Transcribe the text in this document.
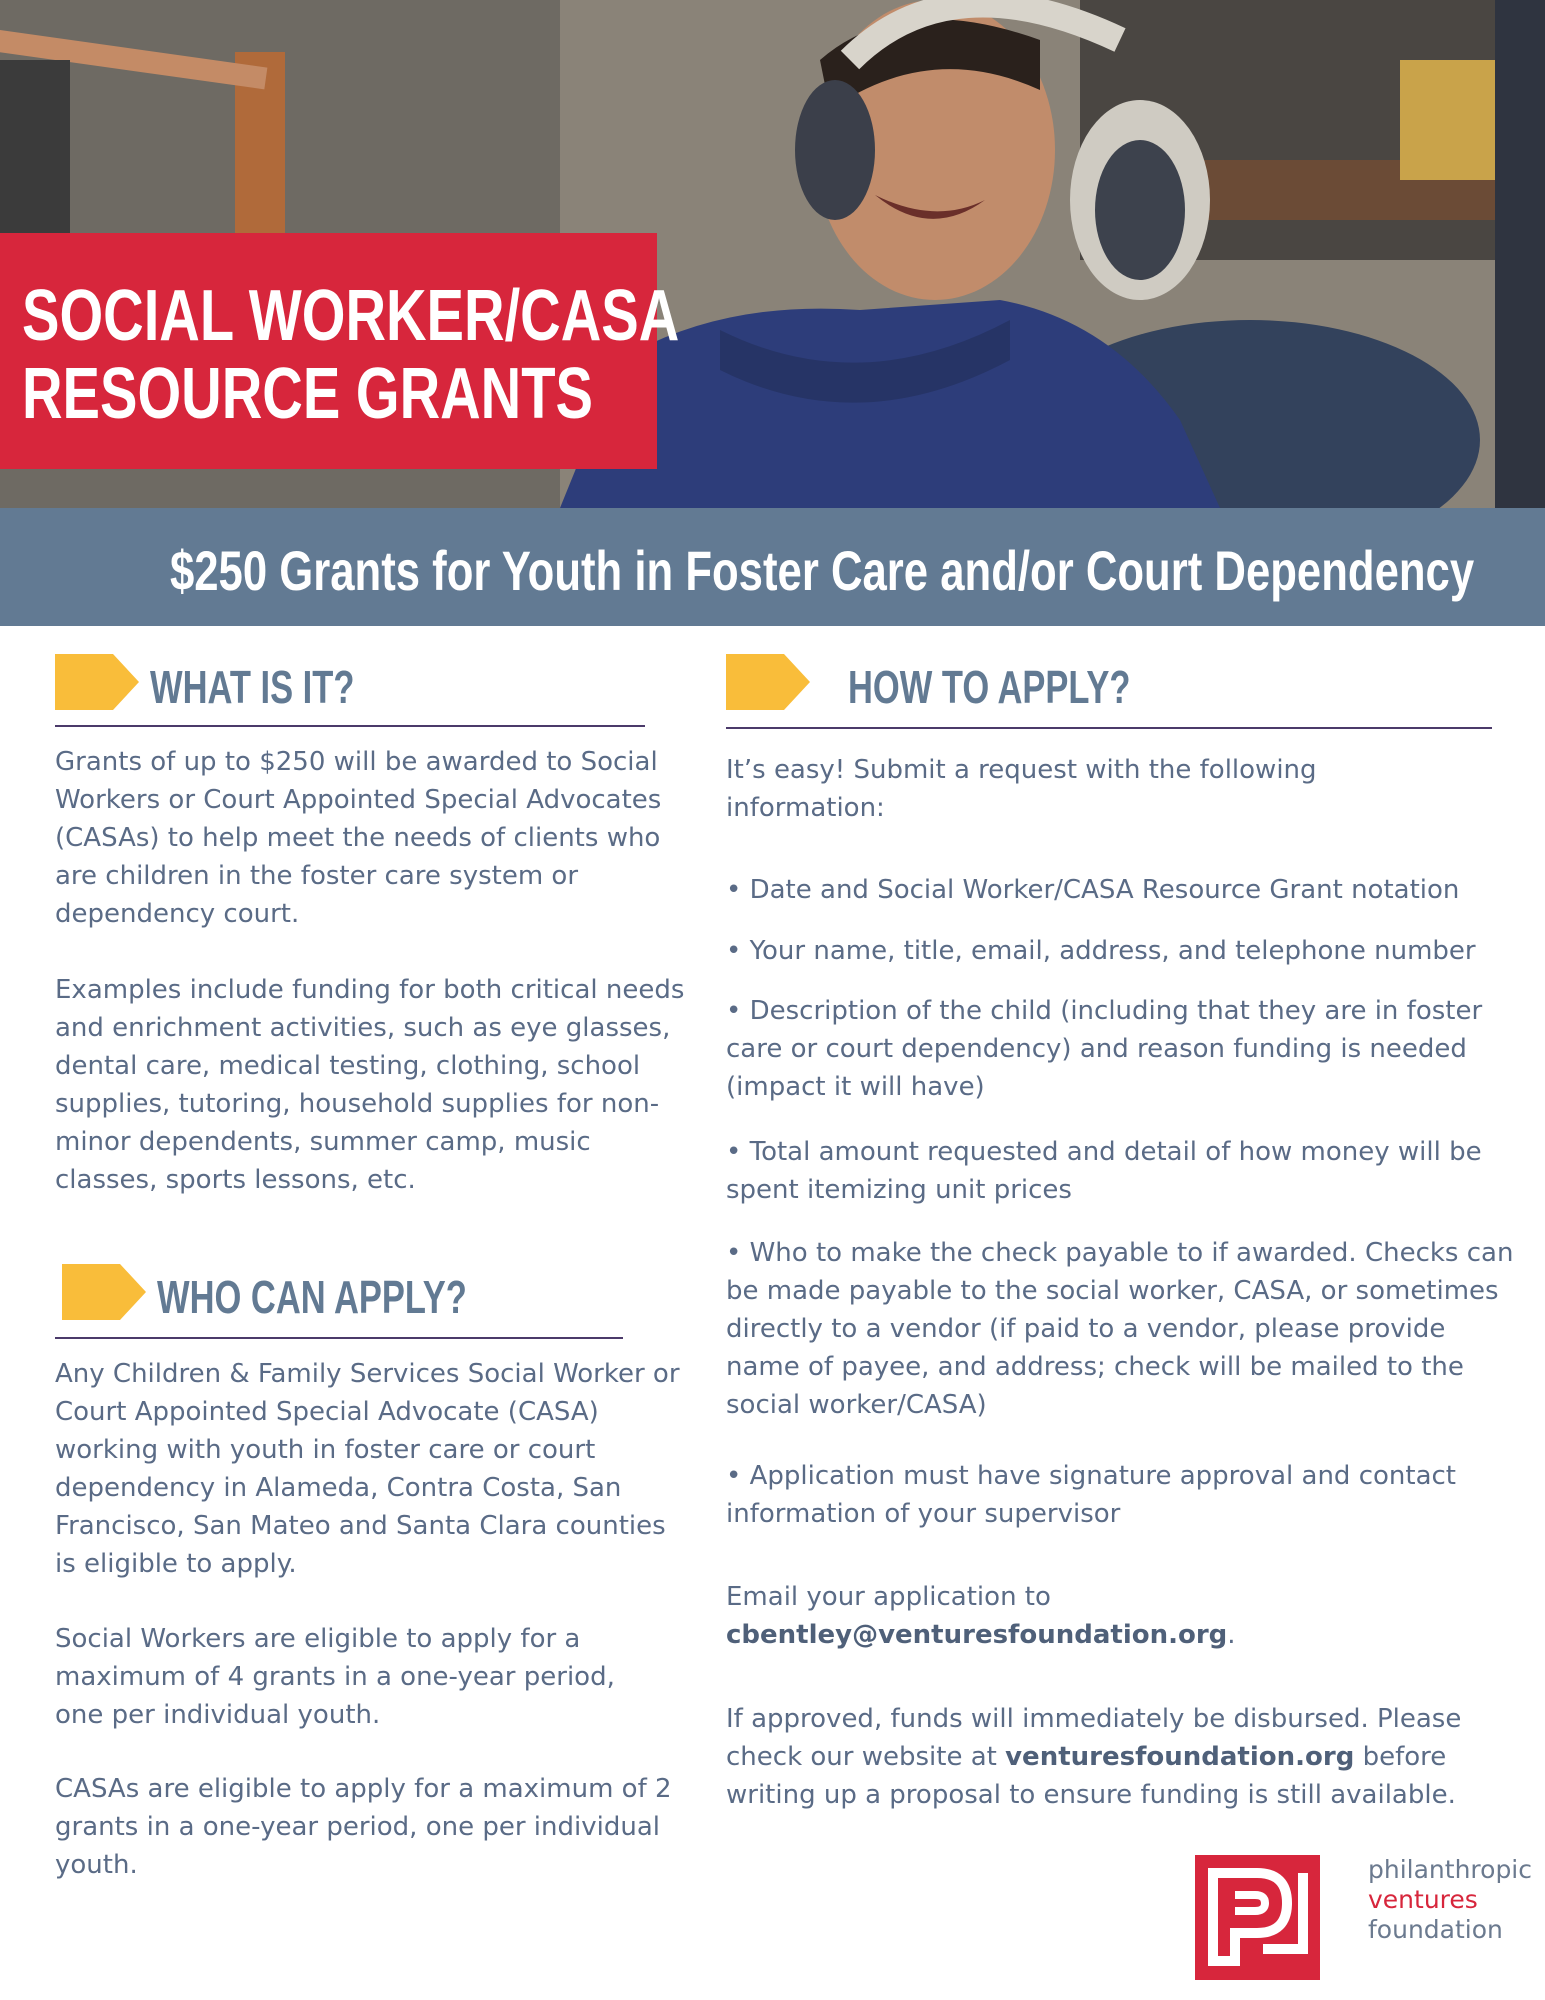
SOCIAL WORKER/CASA
RESOURCE GRANTS
$250 Grants for Youth in Foster Care and/or Court Dependency
WHAT IS IT?

Grants of up to $250 will be awarded to Social Workers or Court Appointed Special Advocates (CASAs) to help meet the needs of clients who are children in the foster care system or dependency court.

Examples include funding for both critical needs and enrichment activities, such as eye glasses, dental care, medical testing, clothing, school supplies, tutoring, household supplies for non-minor dependents, summer camp, music classes, sports lessons, etc.

WHO CAN APPLY?

Any Children & Family Services Social Worker or Court Appointed Special Advocate (CASA) working with youth in foster care or court dependency in Alameda, Contra Costa, San Francisco, San Mateo and Santa Clara counties is eligible to apply.

Social Workers are eligible to apply for a maximum of 4 grants in a one-year period, one per individual youth.

CASAs are eligible to apply for a maximum of 2 grants in a one-year period, one per individual youth.

HOW TO APPLY?

It’s easy! Submit a request with the following information:

• Date and Social Worker/CASA Resource Grant notation

• Your name, title, email, address, and telephone number

• Description of the child (including that they are in foster care or court dependency) and reason funding is needed (impact it will have)

• Total amount requested and detail of how money will be spent itemizing unit prices

• Who to make the check payable to if awarded. Checks can be made payable to the social worker, CASA, or sometimes directly to a vendor (if paid to a vendor, please provide name of payee, and address; check will be mailed to the social worker/CASA)

• Application must have signature approval and contact information of your supervisor

Email your application to
cbentley@venturesfoundation.org.

If approved, funds will immediately be disbursed. Please check our website at venturesfoundation.org before writing up a proposal to ensure funding is still available.

philanthropic
ventures
foundation
